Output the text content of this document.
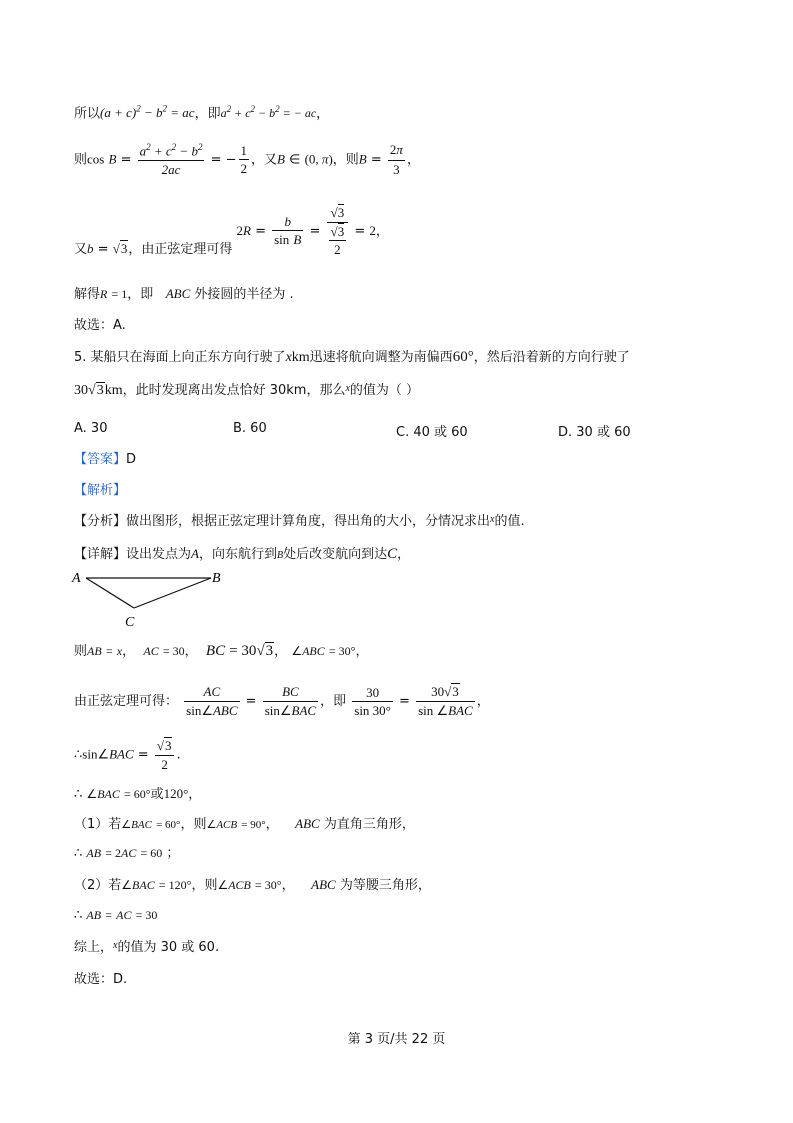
所以$(a + c)^2 - b^2$ = ac，即$a^2 + c^2 - b^2$ = − ac，
则$\cos B = \frac{a^2 + c^2 - b^2}{2ac}$ = − $\frac{1}{2}$ ，又B ∈ (0, π)，则$B = \frac{2\pi}{3}$ ，
又b = √3，由正弦定理可得 $2R = \frac{b}{\text{sin B}} = \frac{√3}{\frac{√3}{2}} = 2$，
解得R = 1，即 ABC 外接圆的半径为 .
故选：A.
5. 某船只在海面上向正东方向行驶了xkm迅速将航向调整为南偏西60°，然后沿着新的方向行驶了
30√3km，此时发现离出发点恰好 30km，那么$^x$的值为（ ）
A. 30	B. 60	C. 40 或 60	D. 30 或 60
【答案】D
【解析】
【分析】做出图形，根据正弦定理计算角度，得出角的大小，分情况求出$^x$的值.
【详解】设出发点为A，向东航行到B处后改变航向到达C，
A	B
C
则AB = x， AC = 30， BC = 30√3， ∠ABC = 30°，
由正弦定理可得： $\frac{AC}{\text{sin∠ABC}} = \frac{BC}{\text{sin∠BAC}}$ ，即 $\frac{30}{\sin 30^\circ} = \frac{30√3}{\text{sin ∠BAC}}$ ，
∴sin∠BAC = $\frac{√3}{2}$ .
∴ ∠BAC = 60°或120°，
（1）若∠BAC = 60°，则∠ACB = 90°， ABC 为直角三角形，
∴ AB = 2AC = 60 ；
（2）若∠BAC = 120°，则∠ACB = 30°， ABC 为等腰三角形，
∴ AB = AC = 30
综上，$^x$的值为 30 或 60.
故选：D.
第 3 页/共 22 页
